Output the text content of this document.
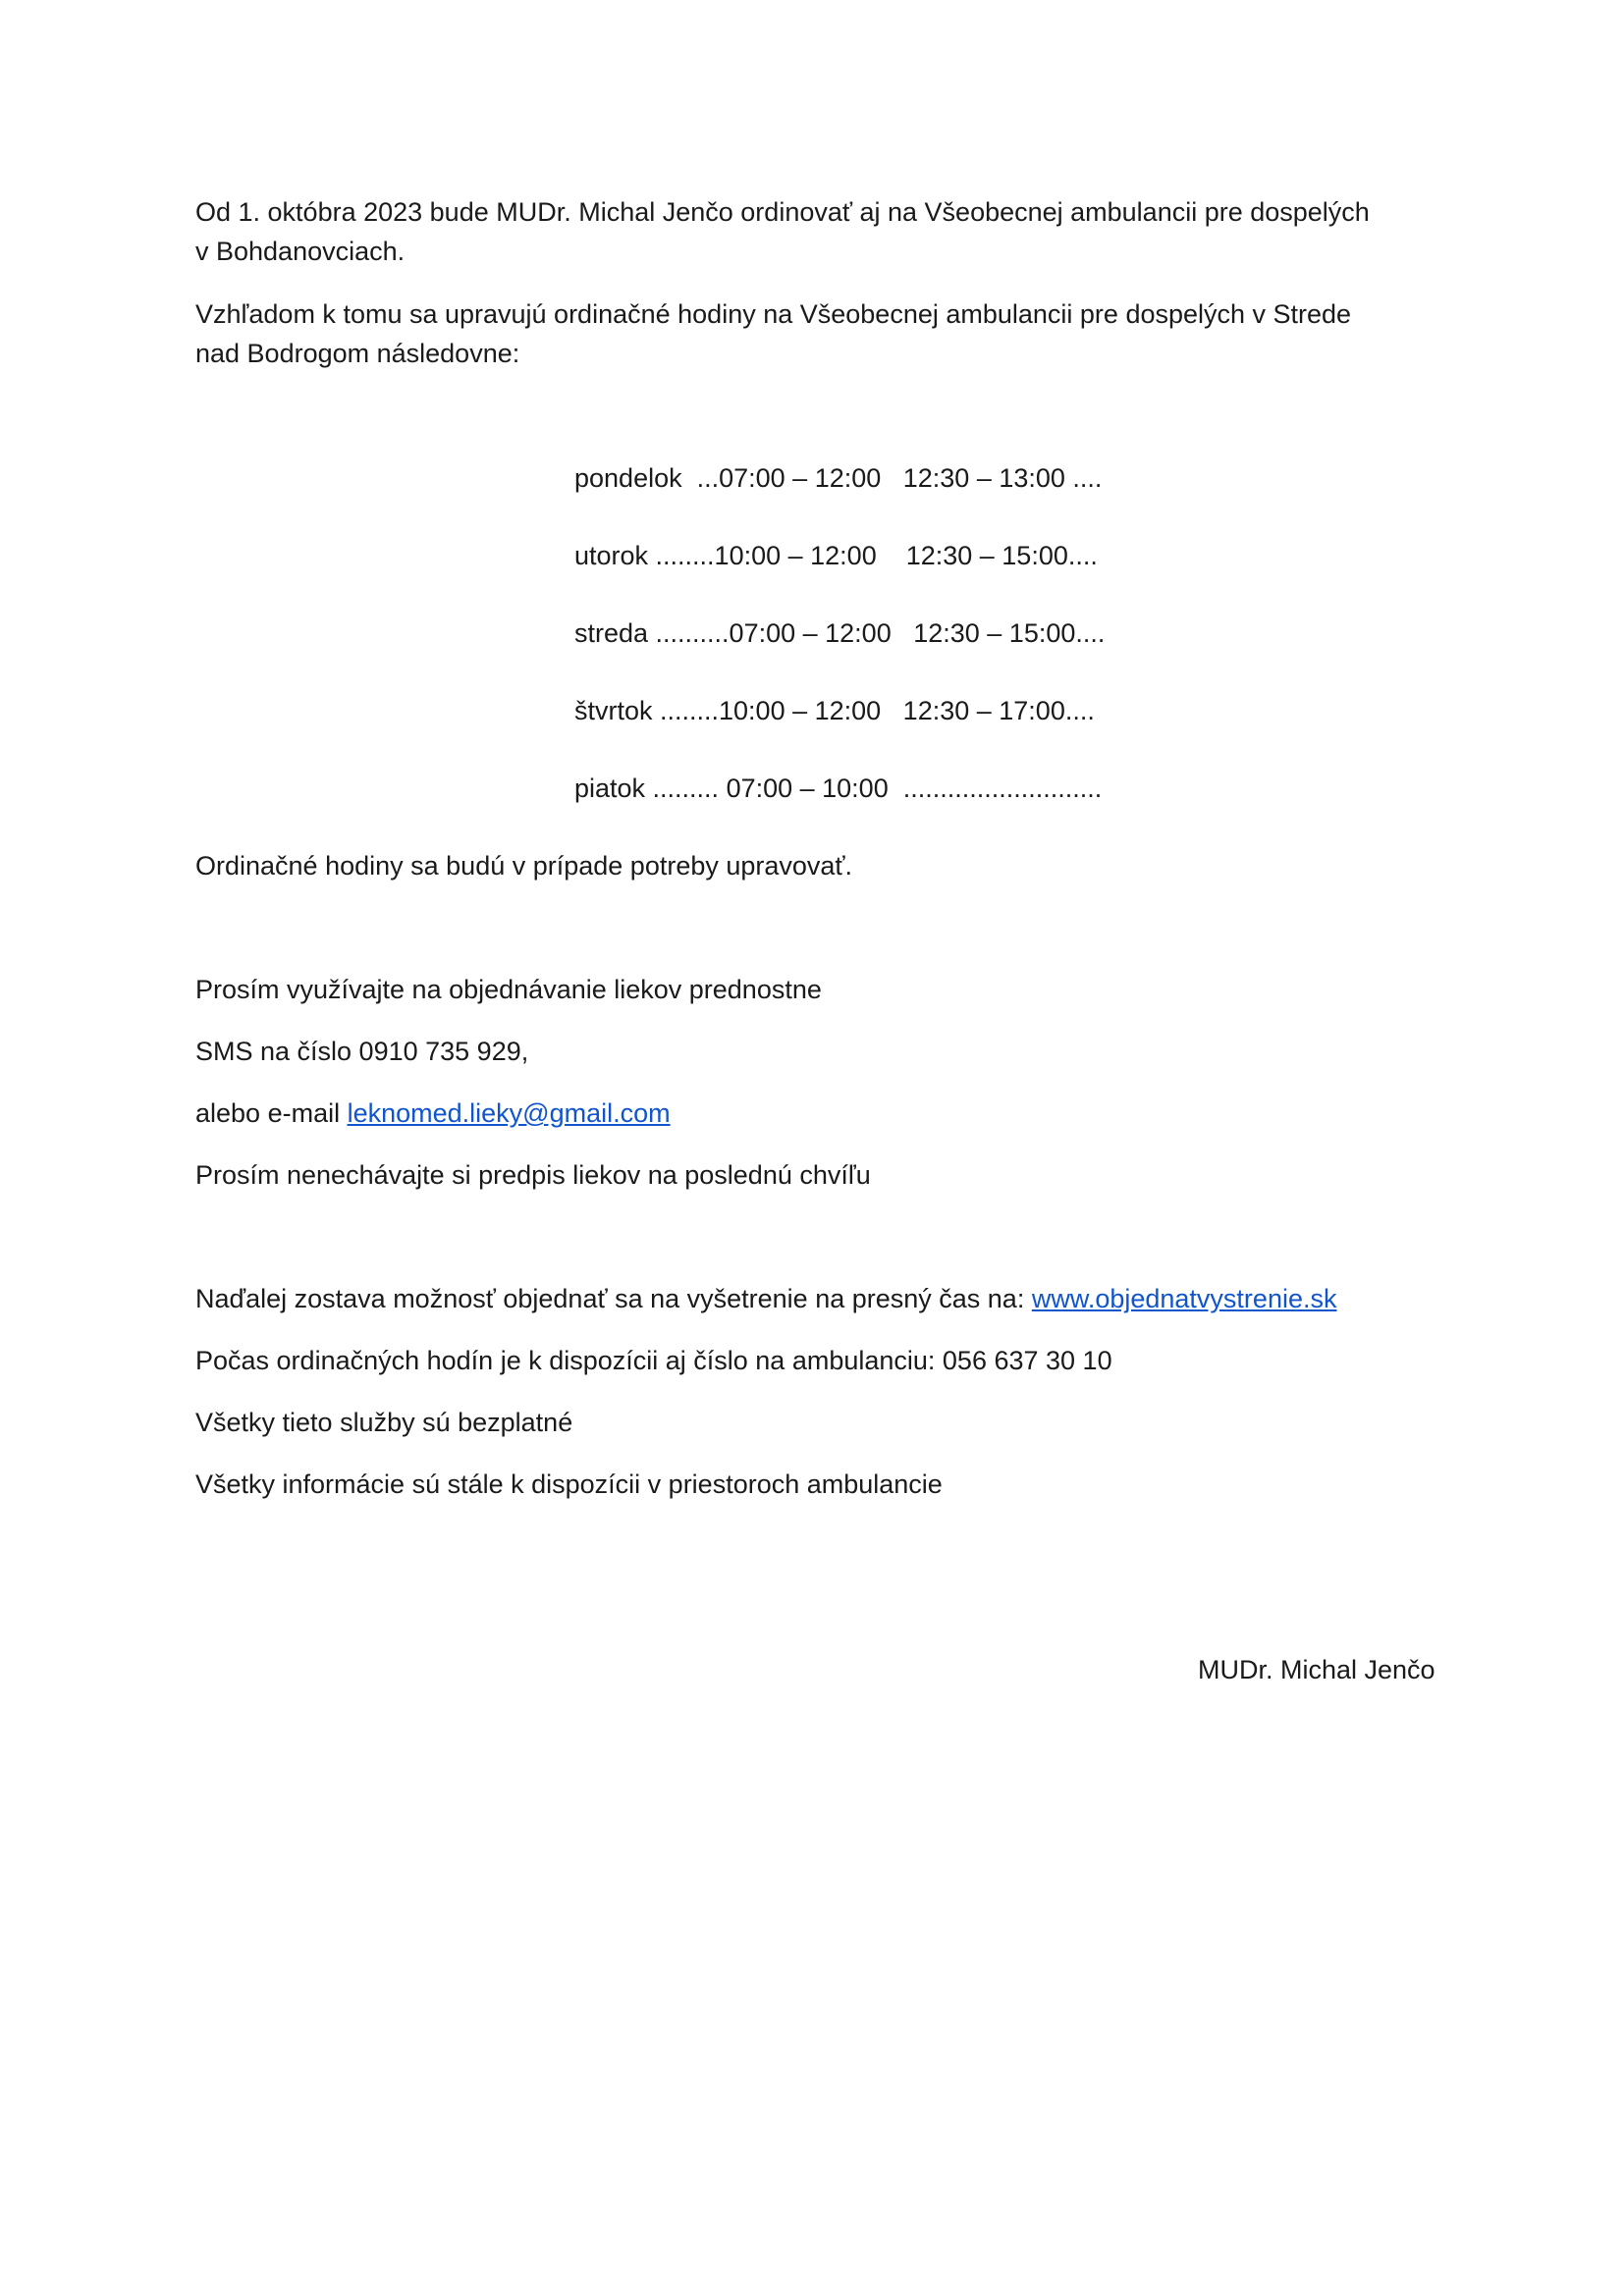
Od 1. októbra 2023 bude MUDr. Michal Jenčo ordinovať aj na Všeobecnej ambulancii pre dospelých
v Bohdanovciach.
Vzhľadom k tomu sa upravujú ordinačné hodiny na Všeobecnej ambulancii pre dospelých v Strede
nad Bodrogom následovne:
pondelok  ...07:00 – 12:00   12:30 – 13:00 ....
utorok ........10:00 – 12:00    12:30 – 15:00....
streda ..........07:00 – 12:00   12:30 – 15:00....
štvrtok ........10:00 – 12:00   12:30 – 17:00....
piatok ......... 07:00 – 10:00  ...........................
Ordinačné hodiny sa budú v prípade potreby upravovať.
Prosím využívajte na objednávanie liekov prednostne
SMS na číslo 0910 735 929,
alebo e-mail leknomed.lieky@gmail.com
Prosím nenechávajte si predpis liekov na poslednú chvíľu
Naďalej zostava možnosť objednať sa na vyšetrenie na presný čas na: www.objednatvystrenie.sk
Počas ordinačných hodín je k dispozícii aj číslo na ambulanciu: 056 637 30 10
Všetky tieto služby sú bezplatné
Všetky informácie sú stále k dispozícii v priestoroch ambulancie
MUDr. Michal Jenčo
